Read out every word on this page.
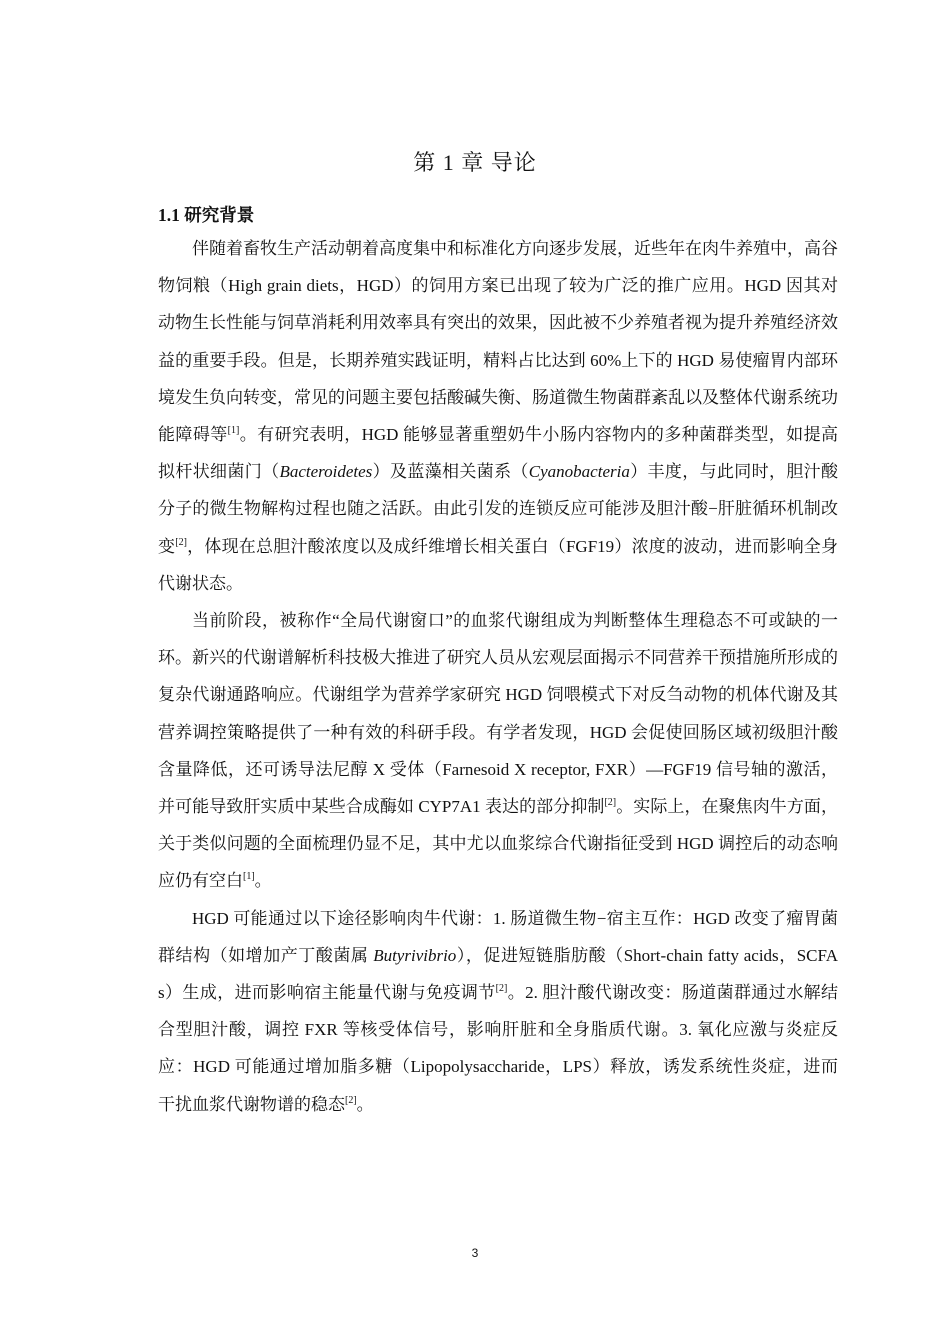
第 1 章 导论
1.1 研究背景

伴随着畜牧生产活动朝着高度集中和标准化方向逐步发展，近些年在肉牛养殖中，高谷物饲粮（High grain diets，HGD）的饲用方案已出现了较为广泛的推广应用。HGD 因其对动物生长性能与饲草消耗利用效率具有突出的效果，因此被不少养殖者视为提升养殖经济效益的重要手段。但是，长期养殖实践证明，精料占比达到 60%上下的 HGD 易使瘤胃内部环境发生负向转变，常见的问题主要包括酸碱失衡、肠道微生物菌群紊乱以及整体代谢系统功能障碍等[1]。有研究表明，HGD 能够显著重塑奶牛小肠内容物内的多种菌群类型，如提高拟杆状细菌门（Bacteroidetes）及蓝藻相关菌系（Cyanobacteria）丰度，与此同时，胆汁酸分子的微生物解构过程也随之活跃。由此引发的连锁反应可能涉及胆汁酸−肝脏循环机制改变[2]，体现在总胆汁酸浓度以及成纤维增长相关蛋白（FGF19）浓度的波动，进而影响全身代谢状态。

当前阶段，被称作“全局代谢窗口”的血浆代谢组成为判断整体生理稳态不可或缺的一环。新兴的代谢谱解析科技极大推进了研究人员从宏观层面揭示不同营养干预措施所形成的复杂代谢通路响应。代谢组学为营养学家研究 HGD 饲喂模式下对反刍动物的机体代谢及其营养调控策略提供了一种有效的科研手段。有学者发现，HGD 会促使回肠区域初级胆汁酸含量降低，还可诱导法尼醇 X 受体（Farnesoid X receptor, FXR）—FGF19 信号轴的激活，并可能导致肝实质中某些合成酶如 CYP7A1 表达的部分抑制[2]。实际上，在聚焦肉牛方面，关于类似问题的全面梳理仍显不足，其中尤以血浆综合代谢指征受到 HGD 调控后的动态响应仍有空白[1]。

HGD 可能通过以下途径影响肉牛代谢：1. 肠道微生物−宿主互作：HGD 改变了瘤胃菌群结构（如增加产丁酸菌属 Butyrivibrio），促进短链脂肪酸（Short-chain fatty acids，SCFAs）生成，进而影响宿主能量代谢与免疫调节[2]。2. 胆汁酸代谢改变：肠道菌群通过水解结合型胆汁酸，调控 FXR 等核受体信号，影响肝脏和全身脂质代谢。3. 氧化应激与炎症反应：HGD 可能通过增加脂多糖（Lipopolysaccharide，LPS）释放，诱发系统性炎症，进而干扰血浆代谢物谱的稳态[2]。

3
